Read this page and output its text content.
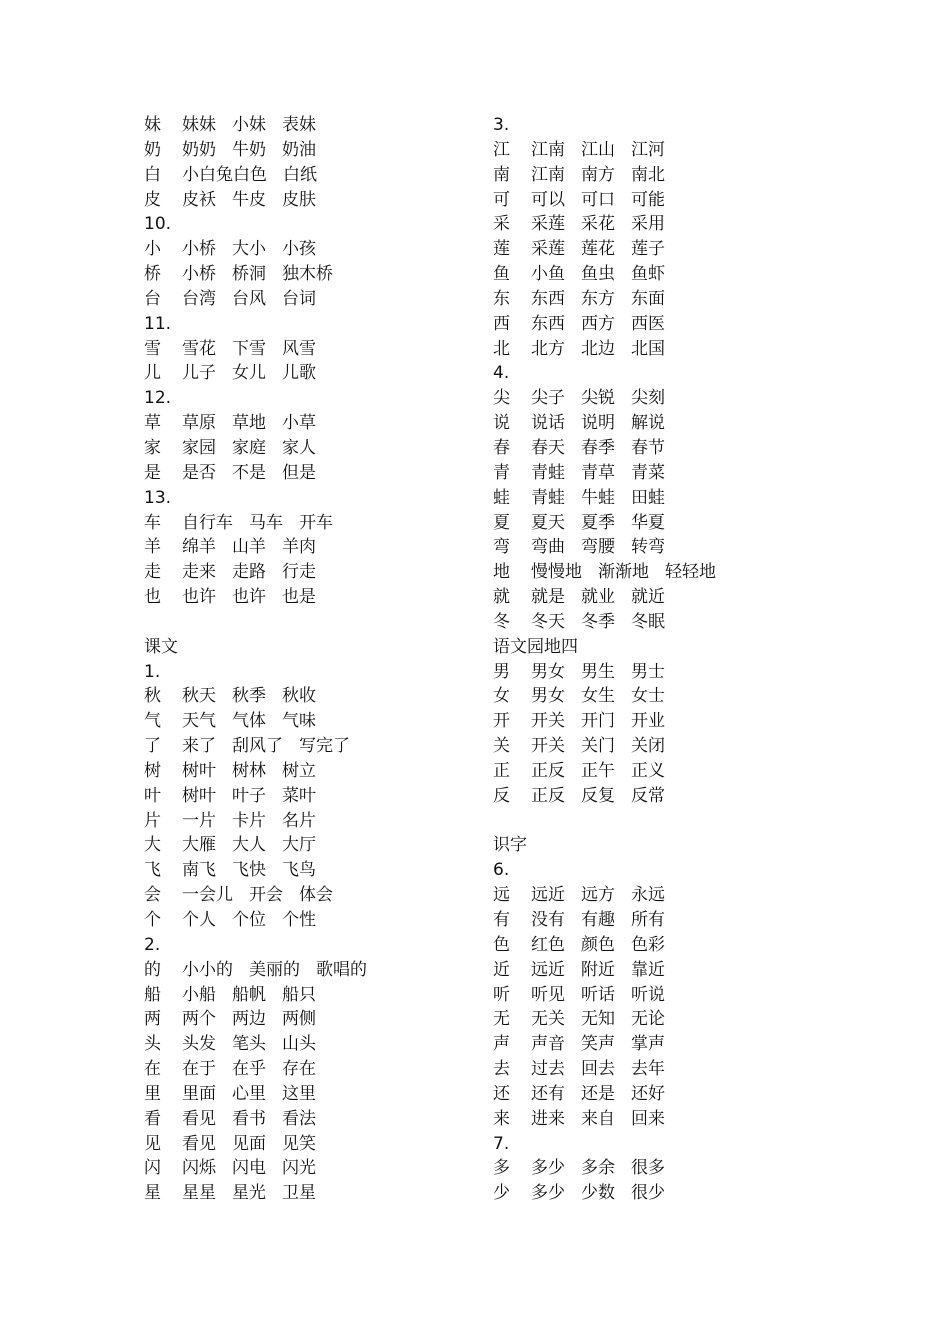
妹 妹妹 小妹 表妹
奶 奶奶 牛奶 奶油
白 小白兔白色 白纸
皮 皮袄 牛皮 皮肤
10.
小 小桥 大小 小孩
桥 小桥 桥洞 独木桥
台 台湾 台风 台词
11.
雪 雪花 下雪 风雪
儿 儿子 女儿 儿歌
12.
草 草原 草地 小草
家 家园 家庭 家人
是 是否 不是 但是
13.
车 自行车 马车 开车
羊 绵羊 山羊 羊肉
走 走来 走路 行走
也 也许 也许 也是
课文
1.
秋 秋天 秋季 秋收
气 天气 气体 气味
了 来了 刮风了 写完了
树 树叶 树林 树立
叶 树叶 叶子 菜叶
片 一片 卡片 名片
大 大雁 大人 大厅
飞 南飞 飞快 飞鸟
会 一会儿 开会 体会
个 个人 个位 个性
2.
的 小小的 美丽的 歌唱的
船 小船 船帆 船只
两 两个 两边 两侧
头 头发 笔头 山头
在 在于 在乎 存在
里 里面 心里 这里
看 看见 看书 看法
见 看见 见面 见笑
闪 闪烁 闪电 闪光
星 星星 星光 卫星
3.
江 江南 江山 江河
南 江南 南方 南北
可 可以 可口 可能
采 采莲 采花 采用
莲 采莲 莲花 莲子
鱼 小鱼 鱼虫 鱼虾
东 东西 东方 东面
西 东西 西方 西医
北 北方 北边 北国
4.
尖 尖子 尖锐 尖刻
说 说话 说明 解说
春 春天 春季 春节
青 青蛙 青草 青菜
蛙 青蛙 牛蛙 田蛙
夏 夏天 夏季 华夏
弯 弯曲 弯腰 转弯
地 慢慢地 渐渐地 轻轻地
就 就是 就业 就近
冬 冬天 冬季 冬眠
语文园地四
男 男女 男生 男士
女 男女 女生 女士
开 开关 开门 开业
关 开关 关门 关闭
正 正反 正午 正义
反 正反 反复 反常
识字
6.
远 远近 远方 永远
有 没有 有趣 所有
色 红色 颜色 色彩
近 远近 附近 靠近
听 听见 听话 听说
无 无关 无知 无论
声 声音 笑声 掌声
去 过去 回去 去年
还 还有 还是 还好
来 进来 来自 回来
7.
多 多少 多余 很多
少 多少 少数 很少
